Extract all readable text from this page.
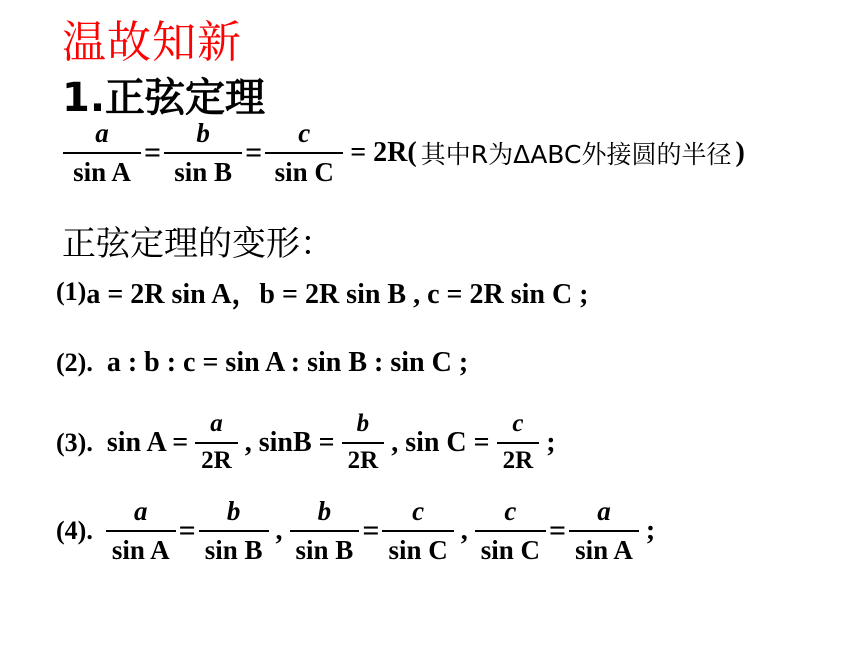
温故知新
1.正弦定理
$\frac{a}{\text{sin A}} = \frac{b}{\text{sin B}} = \frac{c}{\text{sin C}} = 2R$( 其中R为ΔABC外接圆的半径 )
正弦定理的变形：
(1) a = 2R sin A，b = 2R sin B , c = 2R sin C ;
(2). a : b : c = sin A : sin B : sin C ;
(3). $\sin A = \frac{a}{2R}$ , $\sin B = \frac{b}{2R}$ , $\sin C = \frac{c}{2R}$ ;
(4). $\frac{a}{\text{sin A}} = \frac{b}{\text{sin B}}$ , $\frac{b}{\text{sin B}} = \frac{c}{\text{sin C}}$ , $\frac{c}{\text{sin C}} = \frac{a}{\text{sin A}}$ ;
